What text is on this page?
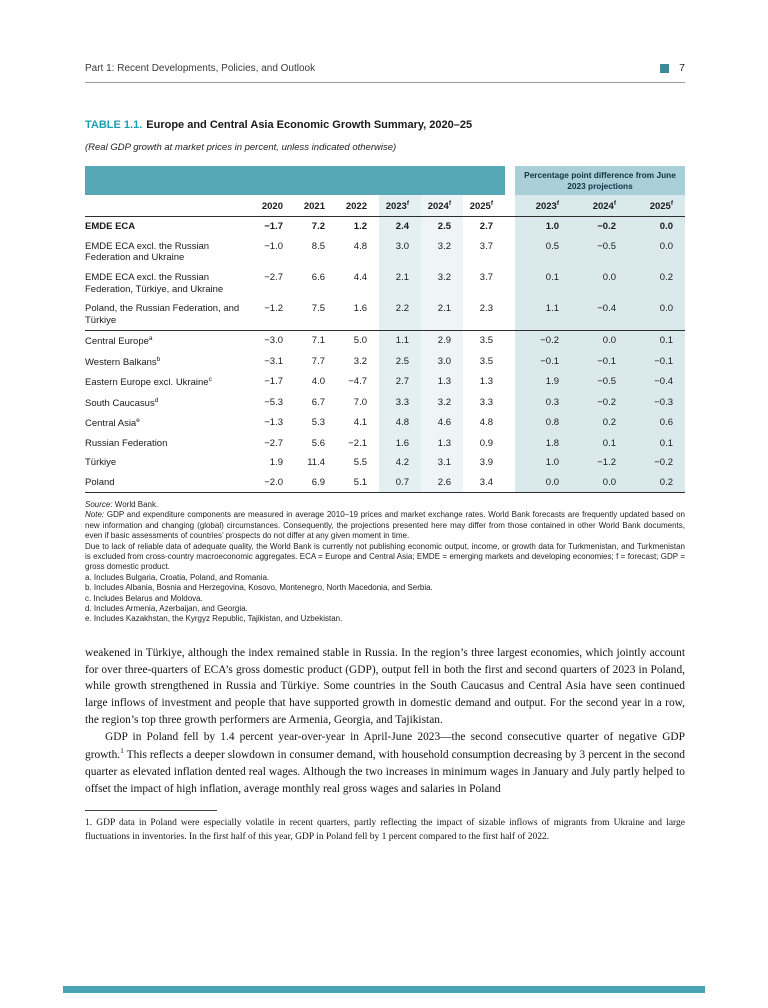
Part 1: Recent Developments, Policies, and Outlook	7
TABLE 1.1. Europe and Central Asia Economic Growth Summary, 2020–25
(Real GDP growth at market prices in percent, unless indicated otherwise)
								Percentage point difference from June 2023 projections		
	2020	2021	2022	2023$^f$	2024$^f$	2025$^f$		2023$^f$	2024$^f$	2025$^f$
EMDE ECA	−1.7	7.2	1.2	2.4	2.5	2.7		1.0	−0.2	0.0
EMDE ECA excl. the Russian Federation and Ukraine	−1.0	8.5	4.8	3.0	3.2	3.7		0.5	−0.5	0.0
EMDE ECA excl. the Russian Federation, Türkiye, and Ukraine	−2.7	6.6	4.4	2.1	3.2	3.7		0.1	0.0	0.2
Poland, the Russian Federation, and Türkiye	−1.2	7.5	1.6	2.2	2.1	2.3		1.1	−0.4	0.0
Central Europe$^a$	−3.0	7.1	5.0	1.1	2.9	3.5		−0.2	0.0	0.1
Western Balkans$^b$	−3.1	7.7	3.2	2.5	3.0	3.5		−0.1	−0.1	−0.1
Eastern Europe excl. Ukraine$^c$	−1.7	4.0	−4.7	2.7	1.3	1.3		1.9	−0.5	−0.4
South Caucasus$^d$	−5.3	6.7	7.0	3.3	3.2	3.3		0.3	−0.2	−0.3
Central Asia$^e$	−1.3	5.3	4.1	4.8	4.6	4.8		0.8	0.2	0.6
Russian Federation	−2.7	5.6	−2.1	1.6	1.3	0.9		1.8	0.1	0.1
Türkiye	1.9	11.4	5.5	4.2	3.1	3.9		1.0	−1.2	−0.2
Poland	−2.0	6.9	5.1	0.7	2.6	3.4		0.0	0.0	0.2

Source: World Bank.

Note: GDP and expenditure components are measured in average 2010–19 prices and market exchange rates. World Bank forecasts are frequently updated based on new information and changing (global) circumstances. Consequently, the projections presented here may differ from those contained in other World Bank documents, even if basic assessments of countries’ prospects do not differ at any given moment in time.

Due to lack of reliable data of adequate quality, the World Bank is currently not publishing economic output, income, or growth data for Turkmenistan, and Turkmenistan is excluded from cross-country macroeconomic aggregates. ECA = Europe and Central Asia; EMDE = emerging markets and developing economies; f = forecast; GDP = gross domestic product.

a. Includes Bulgaria, Croatia, Poland, and Romania.

b. Includes Albania, Bosnia and Herzegovina, Kosovo, Montenegro, North Macedonia, and Serbia.

c. Includes Belarus and Moldova.

d. Includes Armenia, Azerbaijan, and Georgia.

e. Includes Kazakhstan, the Kyrgyz Republic, Tajikistan, and Uzbekistan.

weakened in Türkiye, although the index remained stable in Russia. In the region’s three largest economies, which jointly account for over three-quarters of ECA’s gross domestic product (GDP), output fell in both the first and second quarters of 2023 in Poland, while growth strengthened in Russia and Türkiye. Some countries in the South Caucasus and Central Asia have seen continued large inflows of investment and people that have supported growth in domestic demand and output. For the second year in a row, the region’s top three growth performers are Armenia, Georgia, and Tajikistan.

GDP in Poland fell by 1.4 percent year-over-year in April-June 2023—the second consecutive quarter of negative GDP growth.$^1$ This reflects a deeper slowdown in consumer demand, with household consumption decreasing by 3 percent in the second quarter as elevated inflation dented real wages. Although the two increases in minimum wages in January and July partly helped to offset the impact of high inflation, average monthly real gross wages and salaries in Poland

1. GDP data in Poland were especially volatile in recent quarters, partly reflecting the impact of sizable inflows of migrants from Ukraine and large fluctuations in inventories. In the first half of this year, GDP in Poland fell by 1 percent compared to the first half of 2022.
